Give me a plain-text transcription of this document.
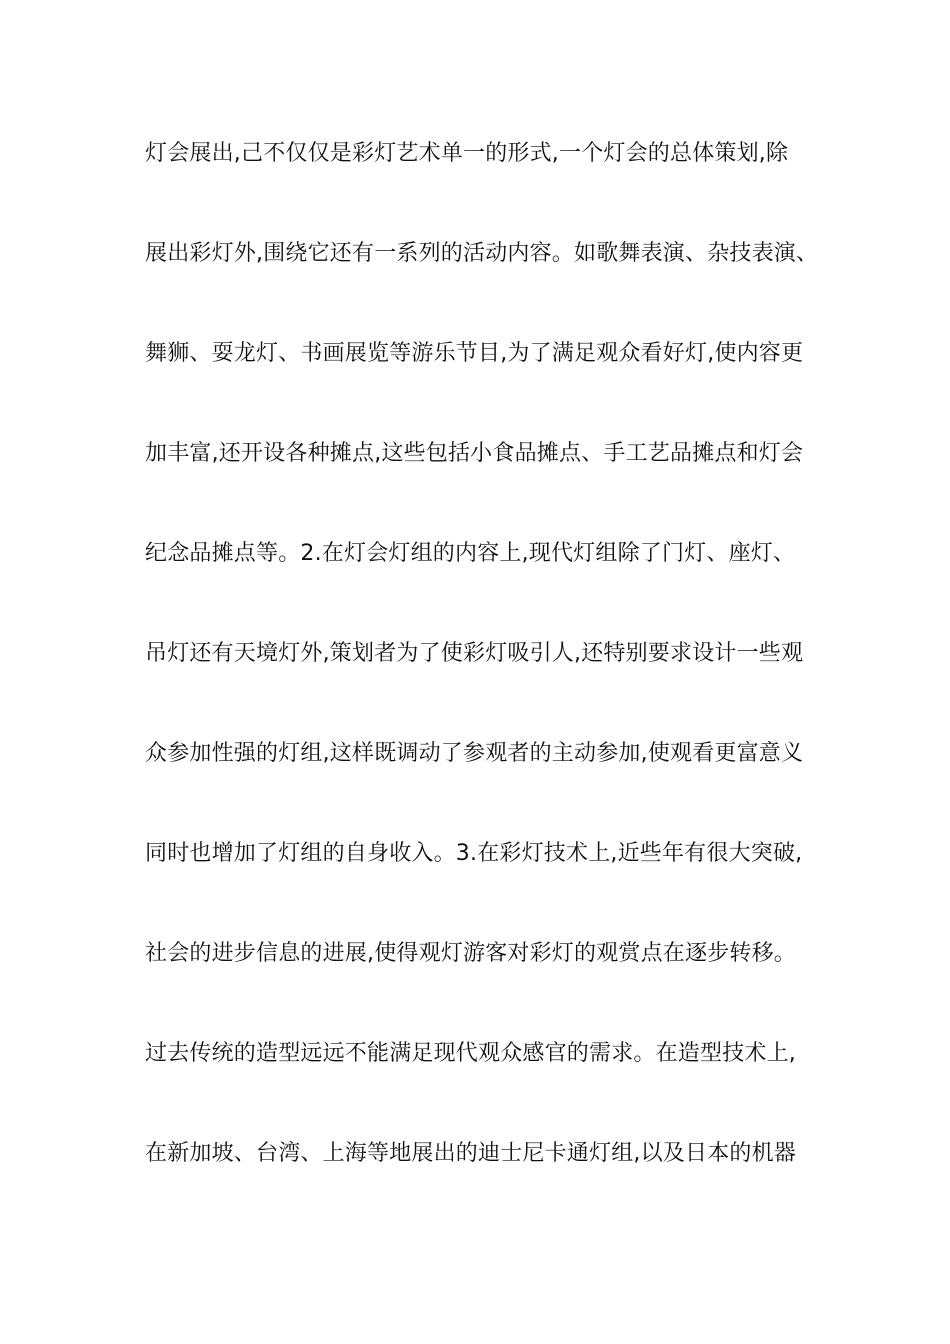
灯会展出,己不仅仅是彩灯艺术单一的形式,一个灯会的总体策划,除
展出彩灯外,围绕它还有一系列的活动内容。如歌舞表演、杂技表演、
舞狮、耍龙灯、书画展览等游乐节目,为了满足观众看好灯,使内容更
加丰富,还开设各种摊点,这些包括小食品摊点、手工艺品摊点和灯会
纪念品摊点等。2.在灯会灯组的内容上,现代灯组除了门灯、座灯、
吊灯还有天境灯外,策划者为了使彩灯吸引人,还特别要求设计一些观
众参加性强的灯组,这样既调动了参观者的主动参加,使观看更富意义
同时也增加了灯组的自身收入。3.在彩灯技术上,近些年有很大突破,
社会的进步信息的进展,使得观灯游客对彩灯的观赏点在逐步转移。
过去传统的造型远远不能满足现代观众感官的需求。在造型技术上,
在新加坡、台湾、上海等地展出的迪士尼卡通灯组,以及日本的机器
